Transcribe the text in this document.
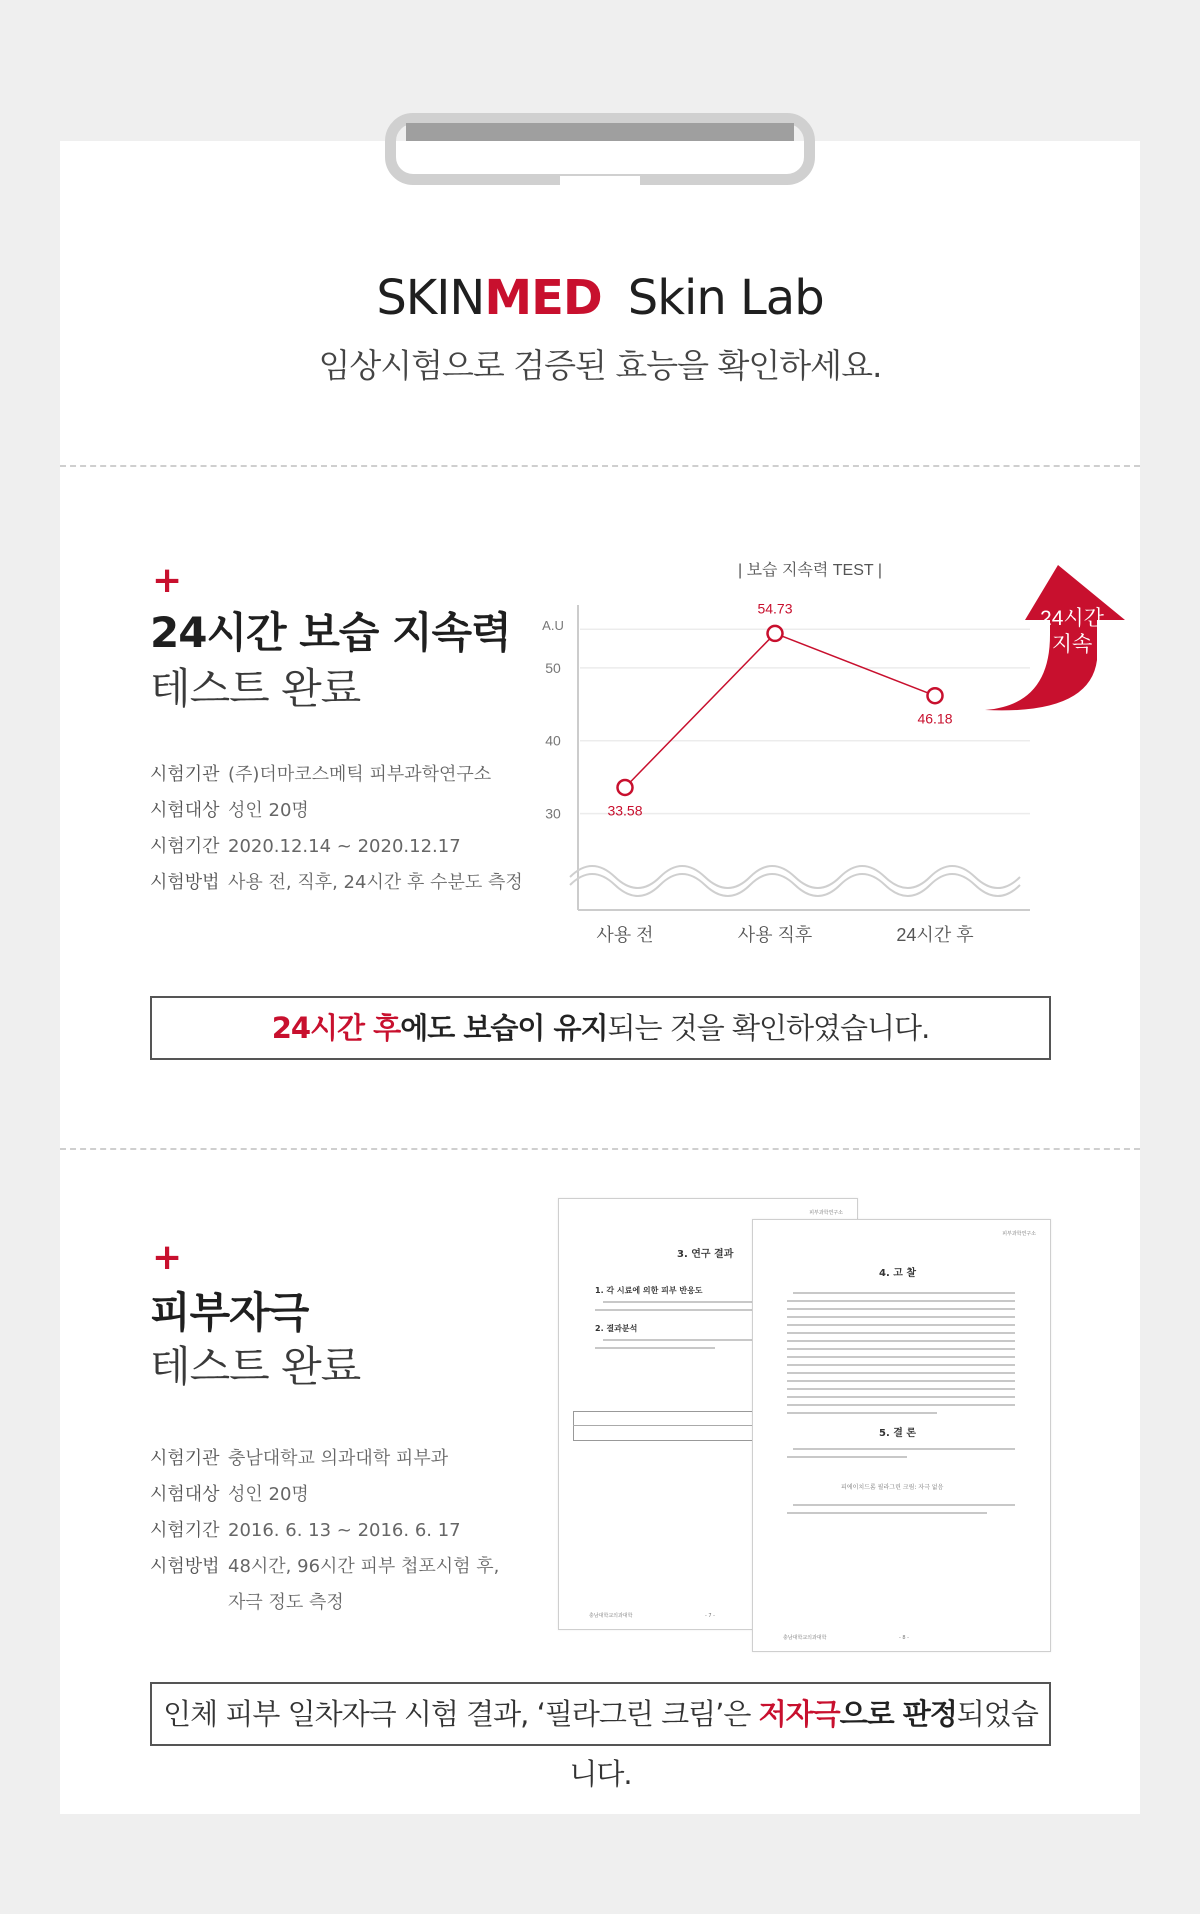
SKINMED Skin Lab
임상시험으로 검증된 효능을 확인하세요.
+
24시간 보습 지속력
테스트 완료
시험기관 (주)더마코스메틱 피부과학연구소
시험대상 성인 20명
시험기간 2020.12.14 ~ 2020.12.17
시험방법 사용 전, 직후, 24시간 후 수분도 측정
| 보습 지속력 TEST |
A.U
50
40
30	33.58
54.73
46.18
사용 전	사용 직후	24시간 후
24시간
지속
24시간 후에도 보습이 유지되는 것을 확인하였습니다.
+
피부자극
테스트 완료
시험기관 충남대학교 의과대학 피부과
시험대상 성인 20명
시험기간 2016. 6. 13 ~ 2016. 6. 17
시험방법 48시간, 96시간 피부 첩포시험 후,
자극 정도 측정
피부과학연구소
3. 연구 결과
1. 각 시료에 의한 피부 반응도
2. 결과분석
충남대학교의과대학	- 7 -
피부과학연구소
4. 고 찰
5. 결 론
피에이치드롬 필라그린 크림: 자극 없음
충남대학교의과대학	- 8 -
인체 피부 일차자극 시험 결과, ‘필라그린 크림’은 저자극으로 판정되었습니다.
